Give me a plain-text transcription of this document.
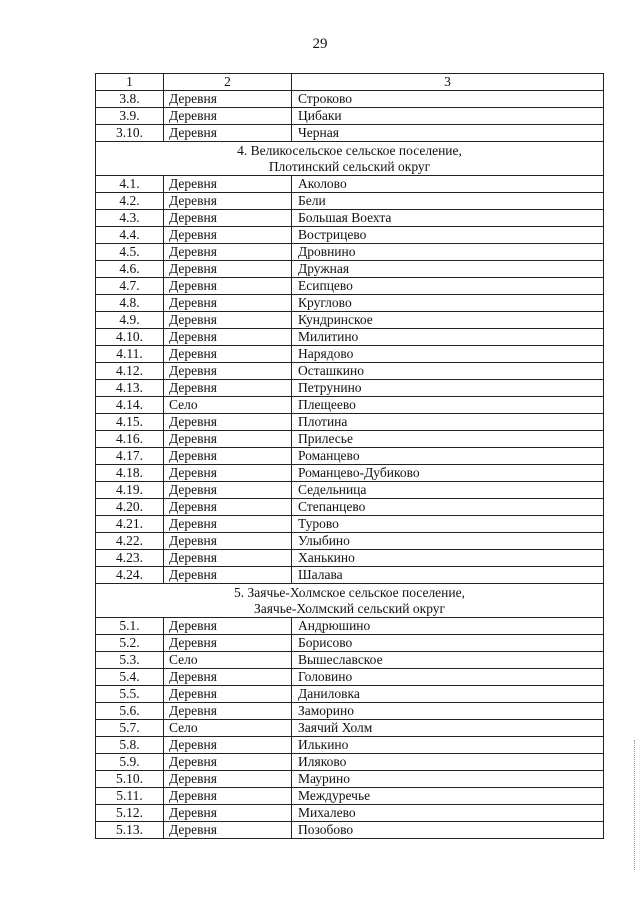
29
1	2	3
3.8.	Деревня	Строково
3.9.	Деревня	Цибаки
3.10.	Деревня	Черная

4. Великосельское сельское поселение,
Плотинский сельский округ		

4.1.	Деревня	Аколово
4.2.	Деревня	Бели
4.3.	Деревня	Большая Воехта
4.4.	Деревня	Вострицево
4.5.	Деревня	Дровнино
4.6.	Деревня	Дружная
4.7.	Деревня	Есипцево
4.8.	Деревня	Круглово
4.9.	Деревня	Кундринское
4.10.	Деревня	Милитино
4.11.	Деревня	Нарядово
4.12.	Деревня	Осташкино
4.13.	Деревня	Петрунино
4.14.	Село	Плещеево
4.15.	Деревня	Плотина
4.16.	Деревня	Прилесье
4.17.	Деревня	Романцево
4.18.	Деревня	Романцево-Дубиково
4.19.	Деревня	Седельница
4.20.	Деревня	Степанцево
4.21.	Деревня	Турово
4.22.	Деревня	Улыбино
4.23.	Деревня	Ханькино
4.24.	Деревня	Шалава

5. Заячье-Холмское сельское поселение,
Заячье-Холмский сельский округ		

5.1.	Деревня	Андрюшино
5.2.	Деревня	Борисово
5.3.	Село	Вышеславское
5.4.	Деревня	Головино
5.5.	Деревня	Даниловка
5.6.	Деревня	Заморино
5.7.	Село	Заячий Холм
5.8.	Деревня	Илькино
5.9.	Деревня	Иляково
5.10.	Деревня	Маурино
5.11.	Деревня	Междуречье
5.12.	Деревня	Михалево
5.13.	Деревня	Позобово
